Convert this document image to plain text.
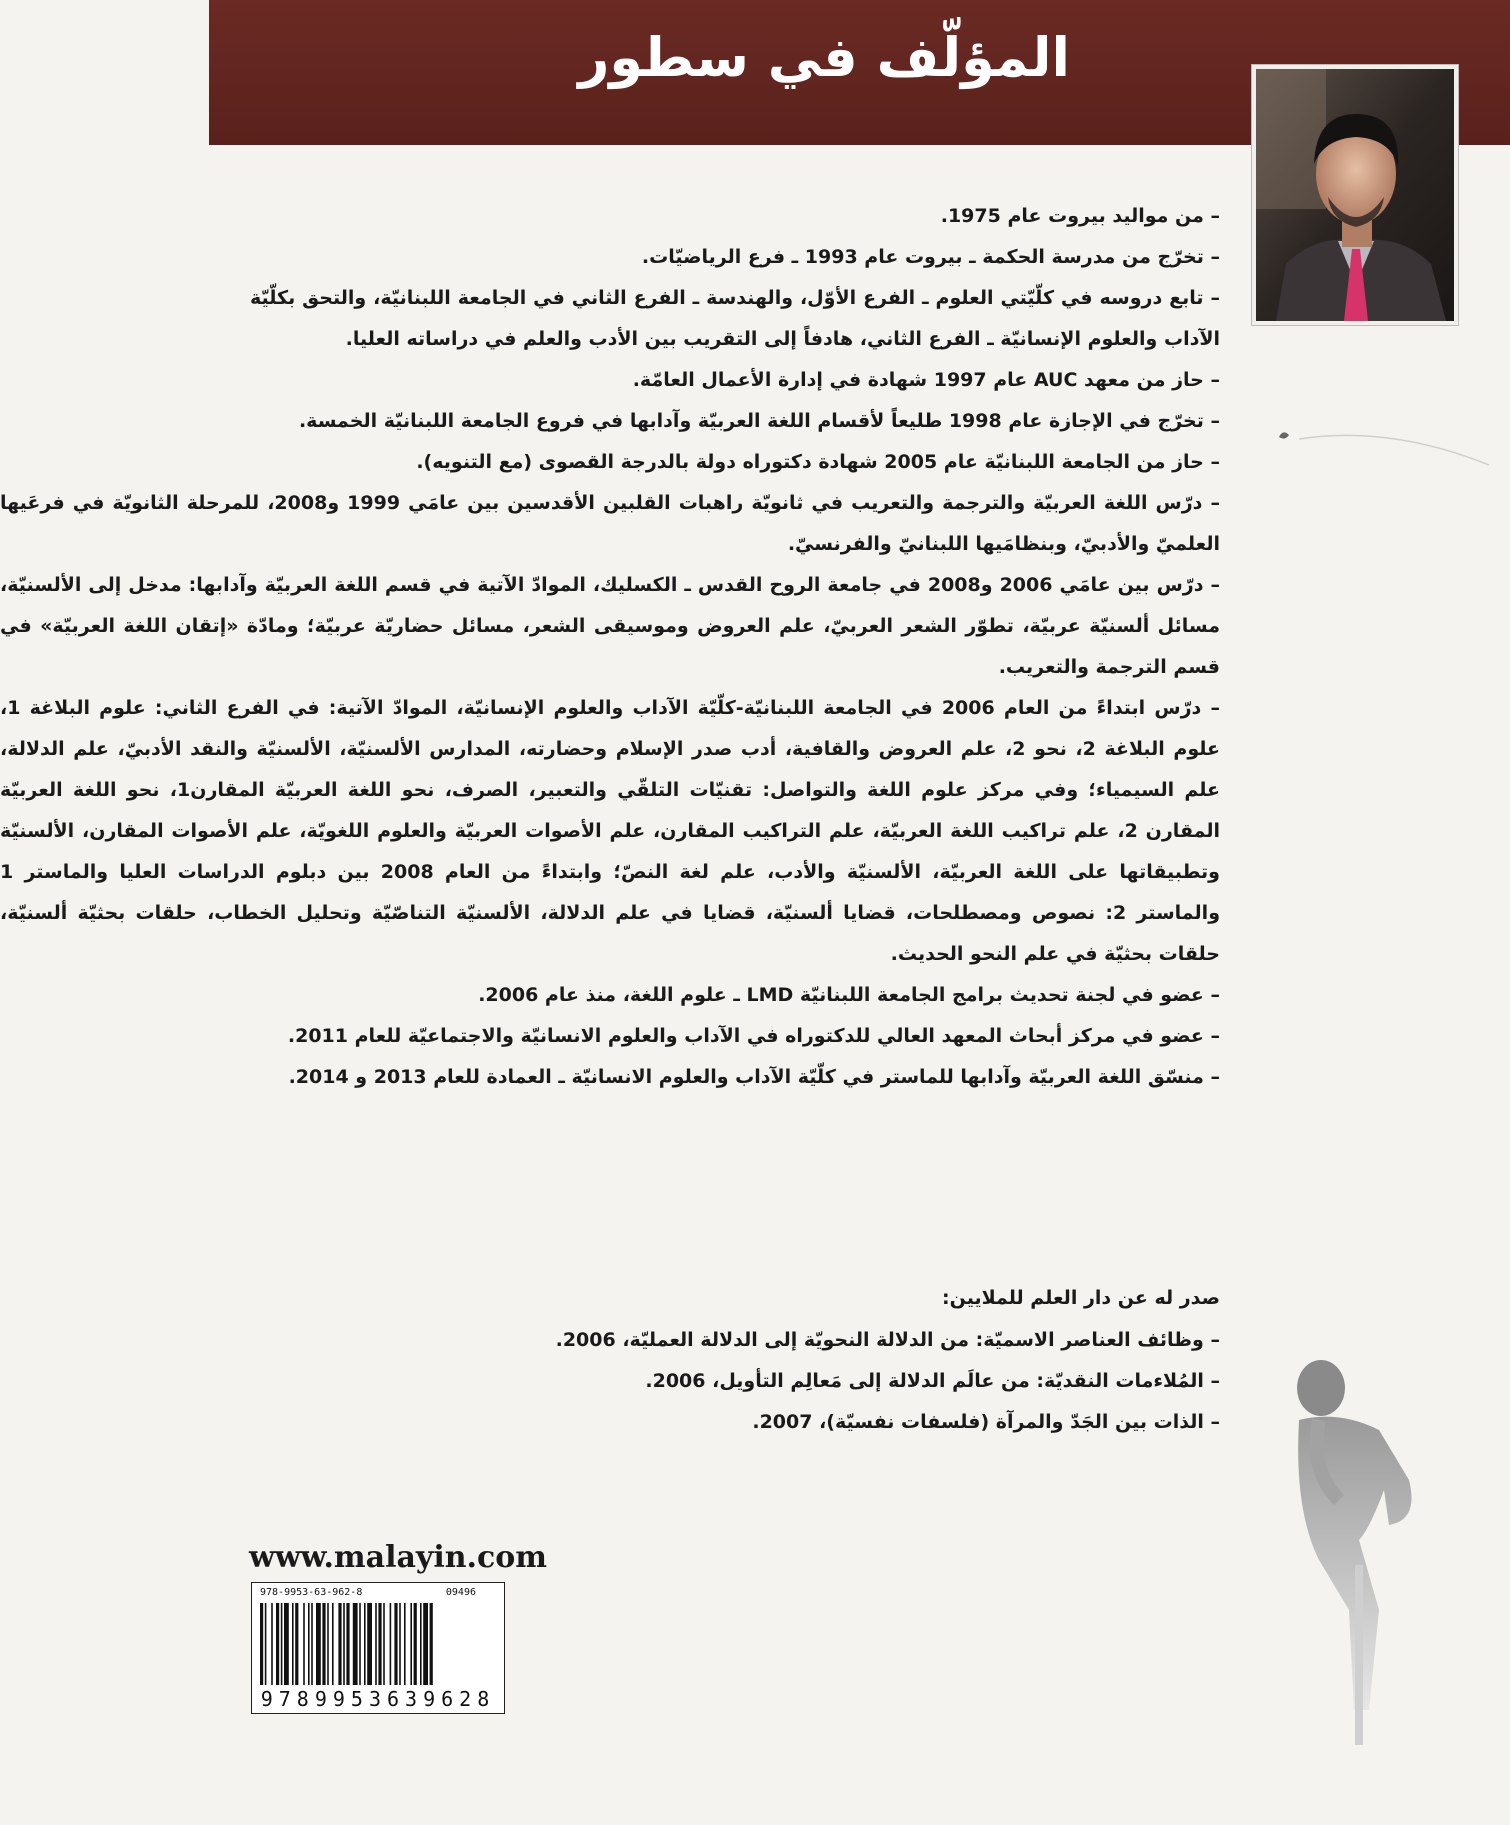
المؤلّف في سطور
– من مواليد بيروت عام 1975.
– تخرّج من مدرسة الحكمة ـ بيروت عام 1993 ـ فرع الرياضيّات.
– تابع دروسه في كلّيّتي العلوم ـ الفرع الأوّل، والهندسة ـ الفرع الثاني في الجامعة اللبنانيّة، والتحق بكلّيّة الآداب والعلوم الإنسانيّة ـ الفرع الثاني، هادفاً إلى التقريب بين الأدب والعلم في دراساته العليا.
– حاز من معهد AUC عام 1997 شهادة في إدارة الأعمال العامّة.
– تخرّج في الإجازة عام 1998 طليعاً لأقسام اللغة العربيّة وآدابها في فروع الجامعة اللبنانيّة الخمسة.
– حاز من الجامعة اللبنانيّة عام 2005 شهادة دكتوراه دولة بالدرجة القصوى (مع التنويه).
– درّس اللغة العربيّة والترجمة والتعريب في ثانويّة راهبات القلبين الأقدسين بين عامَي 1999 و2008، للمرحلة الثانويّة في فرعَيها العلميّ والأدبيّ، وبنظامَيها اللبنانيّ والفرنسيّ.
– درّس بين عامَي 2006 و2008 في جامعة الروح القدس ـ الكسليك، الموادّ الآتية في قسم اللغة العربيّة وآدابها: مدخل إلى الألسنيّة، مسائل ألسنيّة عربيّة، تطوّر الشعر العربيّ، علم العروض وموسيقى الشعر، مسائل حضاريّة عربيّة؛ ومادّة «إتقان اللغة العربيّة» في قسم الترجمة والتعريب.
– درّس ابتداءً من العام 2006 في الجامعة اللبنانيّة-كلّيّة الآداب والعلوم الإنسانيّة، الموادّ الآتية: في الفرع الثاني: علوم البلاغة 1، علوم البلاغة 2، نحو 2، علم العروض والقافية، أدب صدر الإسلام وحضارته، المدارس الألسنيّة، الألسنيّة والنقد الأدبيّ، علم الدلالة، علم السيمياء؛ وفي مركز علوم اللغة والتواصل: تقنيّات التلقّي والتعبير، الصرف، نحو اللغة العربيّة المقارن1، نحو اللغة العربيّة المقارن 2، علم تراكيب اللغة العربيّة، علم التراكيب المقارن، علم الأصوات العربيّة والعلوم اللغويّة، علم الأصوات المقارن، الألسنيّة وتطبيقاتها على اللغة العربيّة، الألسنيّة والأدب، علم لغة النصّ؛ وابتداءً من العام 2008 بين دبلوم الدراسات العليا والماستر 1 والماستر 2: نصوص ومصطلحات، قضايا ألسنيّة، قضايا في علم الدلالة، الألسنيّة التناصّيّة وتحليل الخطاب، حلقات بحثيّة ألسنيّة، حلقات بحثيّة في علم النحو الحديث.
– عضو في لجنة تحديث برامج الجامعة اللبنانيّة LMD ـ علوم اللغة، منذ عام 2006.
– عضو في مركز أبحاث المعهد العالي للدكتوراه في الآداب والعلوم الانسانيّة والاجتماعيّة للعام 2011.
– منسّق اللغة العربيّة وآدابها للماستر في كلّيّة الآداب والعلوم الانسانيّة ـ العمادة للعام 2013 و 2014.

صدر له عن دار العلم للملايين:

– وظائف العناصر الاسميّة: من الدلالة النحويّة إلى الدلالة العمليّة، 2006.
– المُلاءمات النقديّة: من عالَم الدلالة إلى مَعالِم التأويل، 2006.
– الذات بين الجَدّ والمرآة (فلسفات نفسيّة)، 2007.
www.malayin.com
978-9953-63-962-8	09496
9789953639628
